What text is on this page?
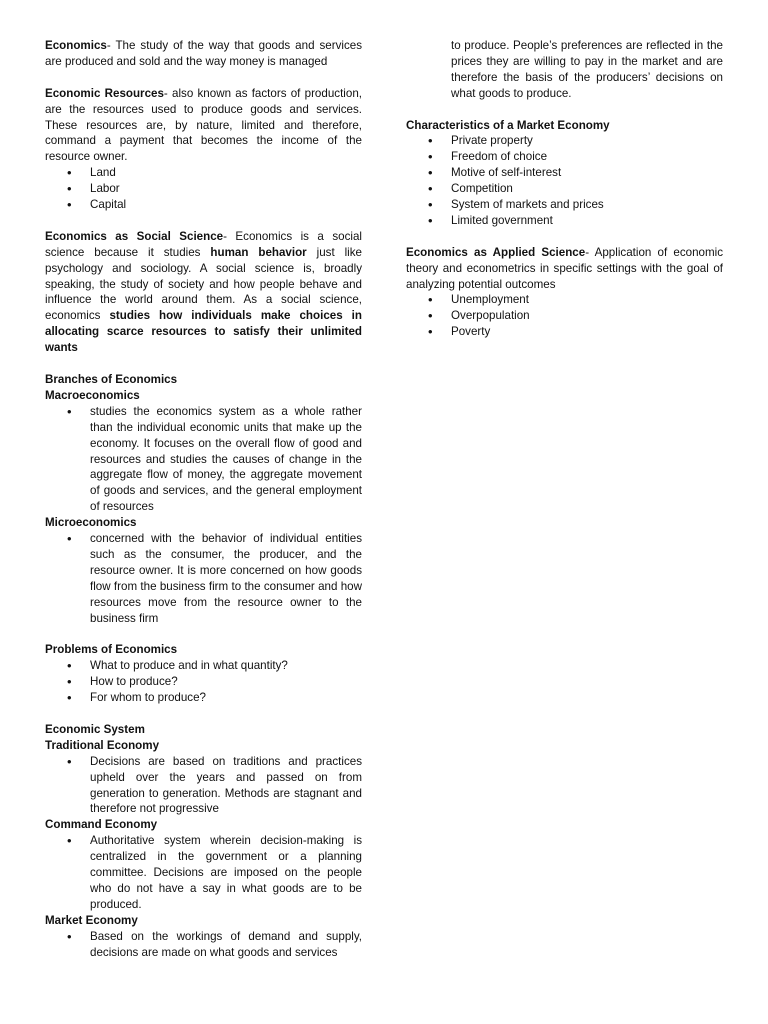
Economics- The study of the way that goods and services are produced and sold and the way money is managed

Economic Resources- also known as factors of production, are the resources used to produce goods and services. These resources are, by nature, limited and therefore, command a payment that becomes the income of the resource owner.

• Land
• Labor
• Capital

Economics as Social Science- Economics is a social science because it studies human behavior just like psychology and sociology. A social science is, broadly speaking, the study of society and how people behave and influence the world around them. As a social science, economics studies how individuals make choices in allocating scarce resources to satisfy their unlimited wants

Branches of Economics
Macroeconomics
• studies the economics system as a whole rather than the individual economic units that make up the economy. It focuses on the overall flow of good and resources and studies the causes of change in the aggregate flow of money, the aggregate movement of goods and services, and the general employment of resources
Microeconomics
• concerned with the behavior of individual entities such as the consumer, the producer, and the resource owner. It is more concerned on how goods flow from the business firm to the consumer and how resources move from the resource owner to the business firm
Problems of Economics
• What to produce and in what quantity?
• How to produce?
• For whom to produce?
Economic System
Traditional Economy
• Decisions are based on traditions and practices upheld over the years and passed on from generation to generation. Methods are stagnant and therefore not progressive
Command Economy
• Authoritative system wherein decision-making is centralized in the government or a planning committee. Decisions are imposed on the people who do not have a say in what goods are to be produced.
Market Economy
• Based on the workings of demand and supply, decisions are made on what goods and services

to produce. People’s preferences are reflected in the prices they are willing to pay in the market and are therefore the basis of the producers’ decisions on what goods to produce.

Characteristics of a Market Economy
• Private property
• Freedom of choice
• Motive of self-interest
• Competition
• System of markets and prices
• Limited government

Economics as Applied Science- Application of economic theory and econometrics in specific settings with the goal of analyzing potential outcomes

• Unemployment
• Overpopulation
• Poverty
